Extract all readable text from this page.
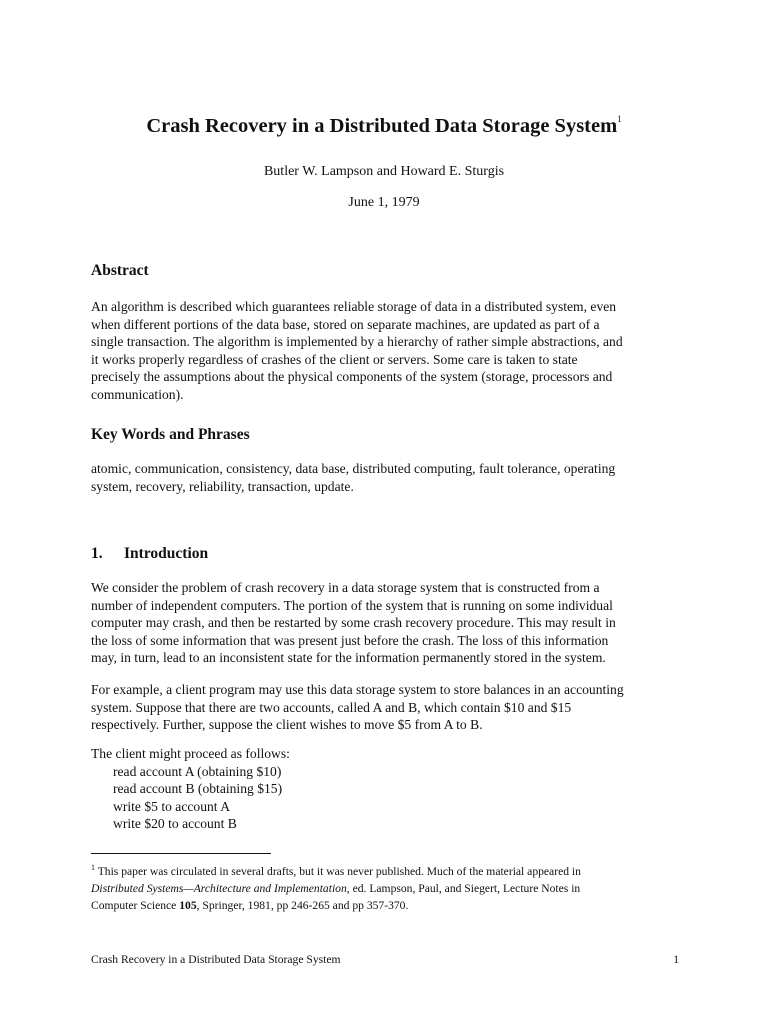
Crash Recovery in a Distributed Data Storage System$^1$
Butler W. Lampson and Howard E. Sturgis
June 1, 1979
Abstract
An algorithm is described which guarantees reliable storage of data in a distributed system, even
when different portions of the data base, stored on separate machines, are updated as part of a
single transaction. The algorithm is implemented by a hierarchy of rather simple abstractions, and
it works properly regardless of crashes of the client or servers. Some care is taken to state
precisely the assumptions about the physical components of the system (storage, processors and
communication).
Key Words and Phrases
atomic, communication, consistency, data base, distributed computing, fault tolerance, operating
system, recovery, reliability, transaction, update.
1. Introduction
We consider the problem of crash recovery in a data storage system that is constructed from a
number of independent computers. The portion of the system that is running on some individual
computer may crash, and then be restarted by some crash recovery procedure. This may result in
the loss of some information that was present just before the crash. The loss of this information
may, in turn, lead to an inconsistent state for the information permanently stored in the system.
For example, a client program may use this data storage system to store balances in an accounting
system. Suppose that there are two accounts, called A and B, which contain $10 and $15
respectively. Further, suppose the client wishes to move $5 from A to B.
The client might proceed as follows:
read account A (obtaining $10)
read account B (obtaining $15)
write $5 to account A
write $20 to account B
$^1$ This paper was circulated in several drafts, but it was never published. Much of the material appeared in
Distributed Systems—Architecture and Implementation, ed. Lampson, Paul, and Siegert, Lecture Notes in
Computer Science 105, Springer, 1981, pp 246-265 and pp 357-370.
Crash Recovery in a Distributed Data Storage System	1
